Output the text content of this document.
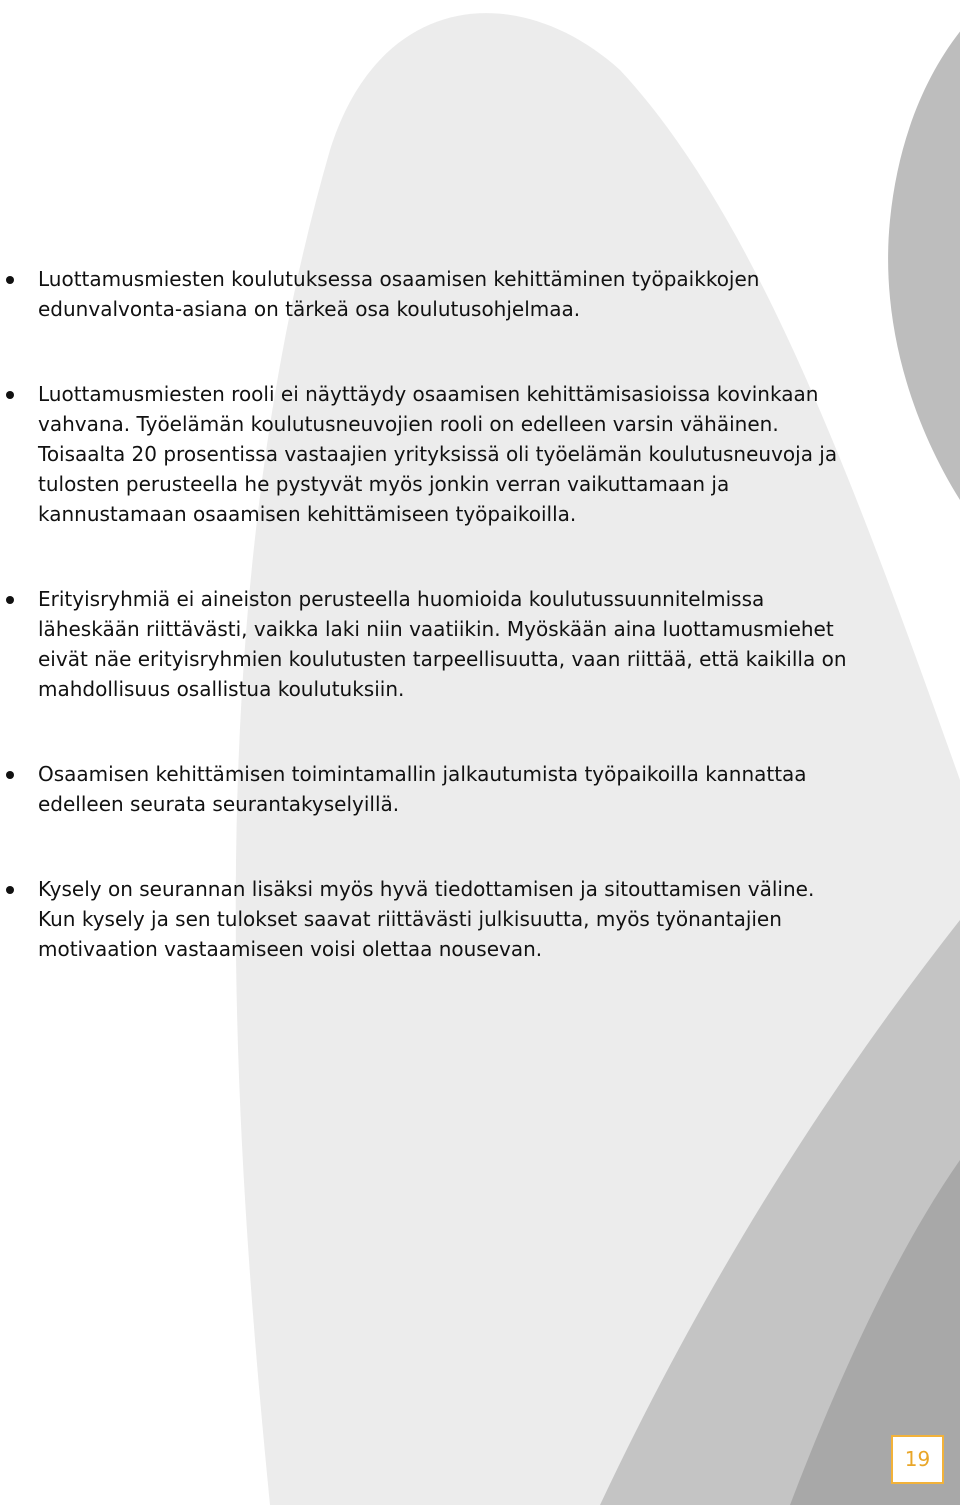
Luottamusmiesten koulutuksessa osaamisen kehittäminen työpaikkojen edunvalvonta-asiana on tärkeä osa koulutusohjelmaa.
Luottamusmiesten rooli ei näyttäydy osaamisen kehittämisasioissa kovinkaan vahvana. Työelämän koulutusneuvojien rooli on edelleen varsin vähäinen. Toisaalta 20 prosentissa vastaajien yrityksissä oli työelämän koulutusneuvoja ja tulosten perusteella he pystyvät myös jonkin verran vaikuttamaan ja kannustamaan osaamisen kehittämiseen työpaikoilla.
Erityisryhmiä ei aineiston perusteella huomioida koulutussuunnitelmissa läheskään riittävästi, vaikka laki niin vaatiikin. Myöskään aina luottamusmiehet eivät näe erityisryhmien koulutusten tarpeellisuutta, vaan riittää, että kaikilla on mahdollisuus osallistua koulutuksiin.
Osaamisen kehittämisen toimintamallin jalkautumista työpaikoilla kannattaa edelleen seurata seurantakyselyillä.
Kysely on seurannan lisäksi myös hyvä tiedottamisen ja sitouttamisen väline. Kun kysely ja sen tulokset saavat riittävästi julkisuutta, myös työnantajien motivaation vastaamiseen voisi olettaa nousevan.
19
